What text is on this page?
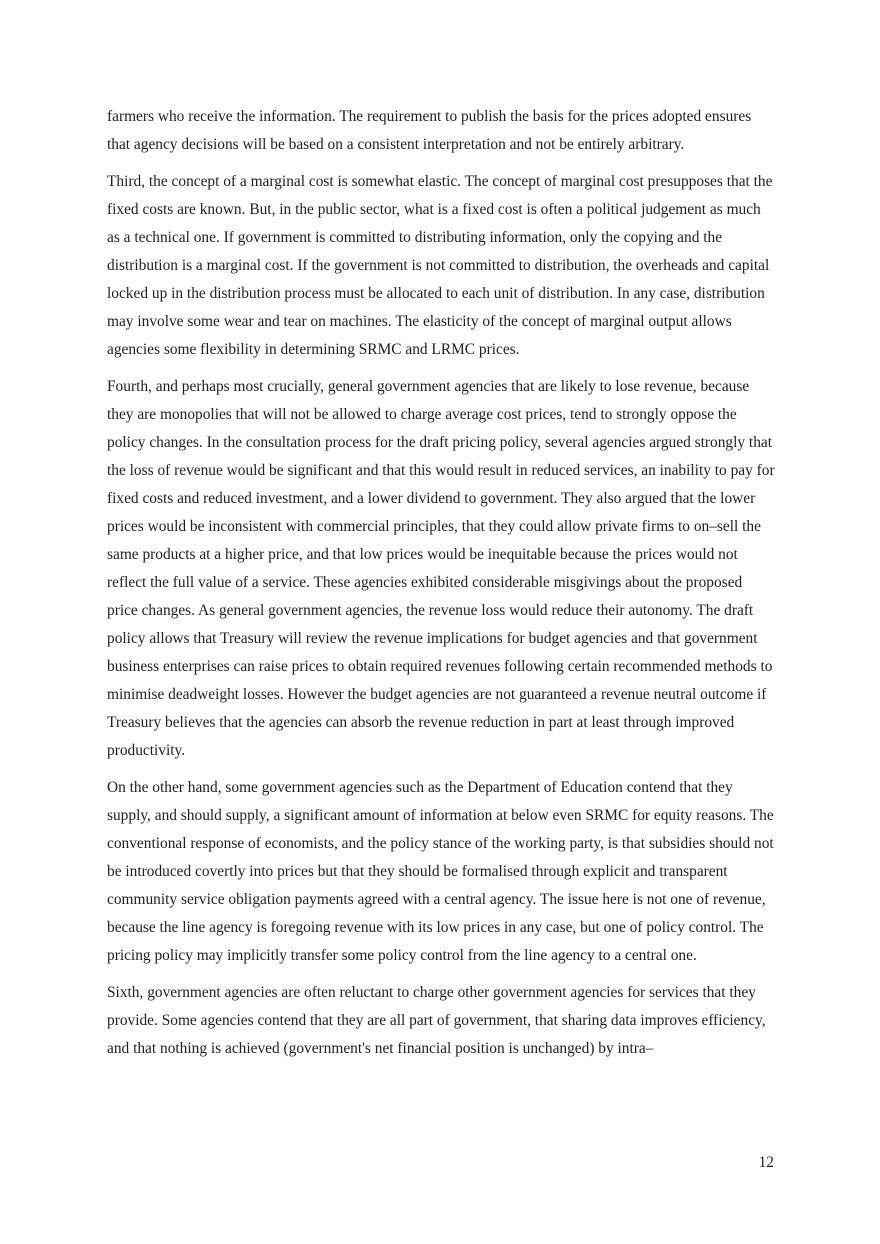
farmers who receive the information. The requirement to publish the basis for the prices adopted ensures that agency decisions will be based on a consistent interpretation and not be entirely arbitrary.

Third, the concept of a marginal cost is somewhat elastic. The concept of marginal cost presupposes that the fixed costs are known. But, in the public sector, what is a fixed cost is often a political judgement as much as a technical one. If government is committed to distributing information, only the copying and the distribution is a marginal cost. If the government is not committed to distribution, the overheads and capital locked up in the distribution process must be allocated to each unit of distribution. In any case, distribution may involve some wear and tear on machines. The elasticity of the concept of marginal output allows agencies some flexibility in determining SRMC and LRMC prices.

Fourth, and perhaps most crucially, general government agencies that are likely to lose revenue, because they are monopolies that will not be allowed to charge average cost prices, tend to strongly oppose the policy changes. In the consultation process for the draft pricing policy, several agencies argued strongly that the loss of revenue would be significant and that this would result in reduced services, an inability to pay for fixed costs and reduced investment, and a lower dividend to government. They also argued that the lower prices would be inconsistent with commercial principles, that they could allow private firms to on–sell the same products at a higher price, and that low prices would be inequitable because the prices would not reflect the full value of a service. These agencies exhibited considerable misgivings about the proposed price changes. As general government agencies, the revenue loss would reduce their autonomy. The draft policy allows that Treasury will review the revenue implications for budget agencies and that government business enterprises can raise prices to obtain required revenues following certain recommended methods to minimise deadweight losses. However the budget agencies are not guaranteed a revenue neutral outcome if Treasury believes that the agencies can absorb the revenue reduction in part at least through improved productivity.

On the other hand, some government agencies such as the Department of Education contend that they supply, and should supply, a significant amount of information at below even SRMC for equity reasons. The conventional response of economists, and the policy stance of the working party, is that subsidies should not be introduced covertly into prices but that they should be formalised through explicit and transparent community service obligation payments agreed with a central agency. The issue here is not one of revenue, because the line agency is foregoing revenue with its low prices in any case, but one of policy control. The pricing policy may implicitly transfer some policy control from the line agency to a central one.

Sixth, government agencies are often reluctant to charge other government agencies for services that they provide. Some agencies contend that they are all part of government, that sharing data improves efficiency, and that nothing is achieved (government's net financial position is unchanged) by intra–

12
